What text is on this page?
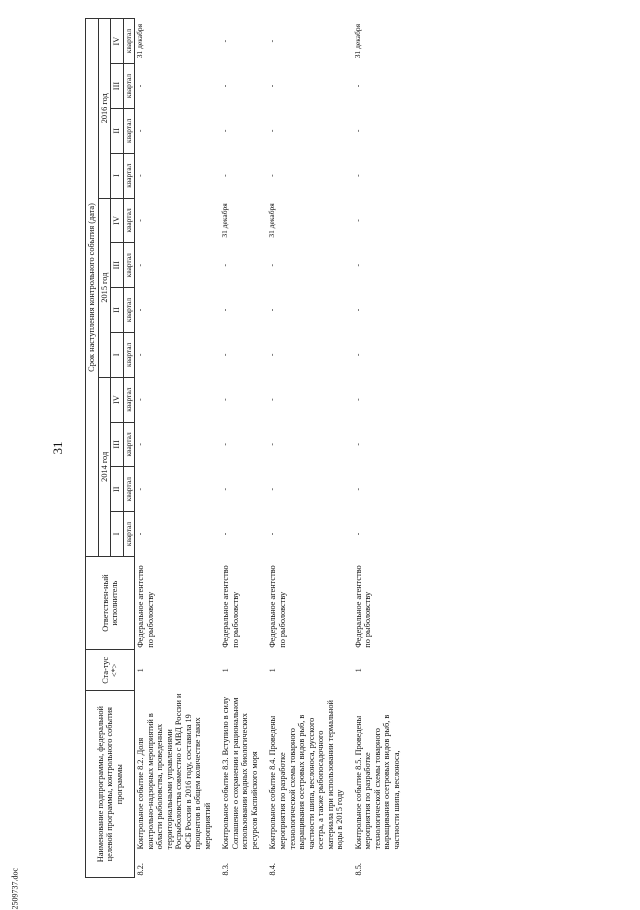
31
2509737.doc
Наименование подпрограммы, федеральной целевой программы, контрольного события программы		Ста-тус <*>	Ответствен-ный исполнитель	Срок наступления контрольного события (дата)											
				2014 год				2015 год				2016 год			
				I	II	III	IV	I	II	III	IV	I	II	III	IV
				квартал	квартал	квартал	квартал	квартал	квартал	квартал	квартал	квартал	квартал	квартал	квартал
8.2.	Контрольное событие 8.2. Доля контрольно-надзорных мероприятий в области рыболовства, проведенных территориальными управлениями Росрыболовства совместно с МВД России и ФСБ России в 2016 году, составила 19 процентов в общем количестве таких мероприятий	1	Федеральное агентство по рыболовству	-	-	-	-	-	-	-	-	-	-	-	31 декабря
8.3.	Контрольное событие 8.3. Вступило в силу Соглашение о сохранении и рациональном использовании водных биологических ресурсов Каспийского моря	1	Федеральное агентство по рыболовству	-	-	-	-	-	-	-	31 декабря	-	-	-	-
8.4.	Контрольное событие 8.4. Проведены мероприятия по разработке технологической схемы товарного выращивания осетровых видов рыб, в частности шипа, веслоноса, русского осетра, а также рыбопосадочного материала при использовании термальной воды в 2015 году	1	Федеральное агентство по рыболовству	-	-	-	-	-	-	-	31 декабря	-	-	-	-
8.5.	Контрольное событие 8.5. Проведены мероприятия по разработке технологической схемы товарного выращивания осетровых видов рыб, в частности шипа, веслоноса,	1	Федеральное агентство по рыболовству	-	-	-	-	-	-	-	-	-	-	-	31 декабря
